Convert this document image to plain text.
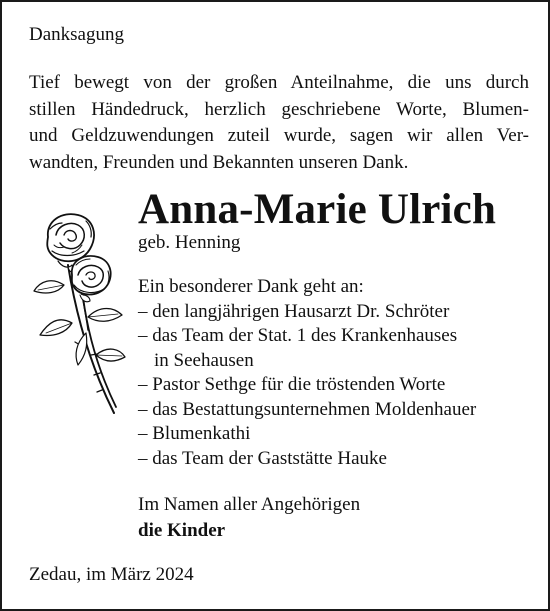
Danksagung
Tief bewegt von der großen Anteilnahme, die uns durch
stillen Händedruck, herzlich geschriebene Worte, Blumen-
und Geldzuwendungen zuteil wurde, sagen wir allen Ver-
wandten, Freunden und Bekannten unseren Dank.
Anna-Marie Ulrich
geb. Henning
Ein besonderer Dank geht an:
– den langjährigen Hausarzt Dr. Schröter
– das Team der Stat. 1 des Krankenhauses
in Seehausen
– Pastor Sethge für die tröstenden Worte
– das Bestattungsunternehmen Moldenhauer
– Blumenkathi
– das Team der Gaststätte Hauke
Im Namen aller Angehörigen
die Kinder
Zedau, im März 2024
